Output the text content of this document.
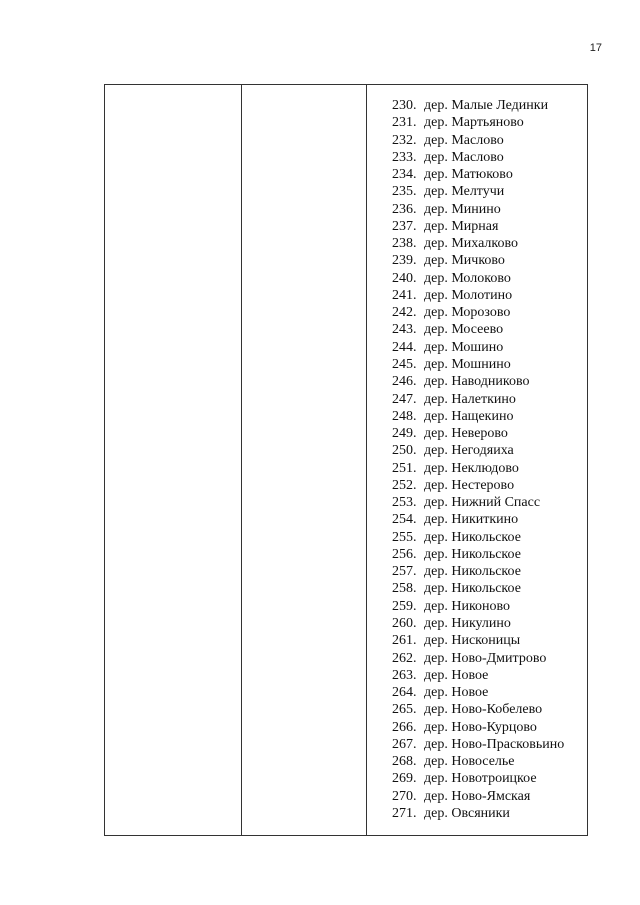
17
230. дер. Малые Лединки
231. дер. Мартьяново
232. дер. Маслово
233. дер. Маслово
234. дер. Матюково
235. дер. Мелтучи
236. дер. Минино
237. дер. Мирная
238. дер. Михалково
239. дер. Мичково
240. дер. Молоково
241. дер. Молотино
242. дер. Морозово
243. дер. Мосеево
244. дер. Мошино
245. дер. Мошнино
246. дер. Наводниково
247. дер. Налеткино
248. дер. Нащекино
249. дер. Неверово
250. дер. Негодяиха
251. дер. Неклюдово
252. дер. Нестерово
253. дер. Нижний Спасс
254. дер. Никиткино
255. дер. Никольское
256. дер. Никольское
257. дер. Никольское
258. дер. Никольское
259. дер. Никоново
260. дер. Никулино
261. дер. Нисконицы
262. дер. Ново-Дмитрово
263. дер. Новое
264. дер. Новое
265. дер. Ново-Кобелево
266. дер. Ново-Курцово
267. дер. Ново-Прасковьино
268. дер. Новоселье
269. дер. Новотроицкое
270. дер. Ново-Ямская
271. дер. Овсяники
